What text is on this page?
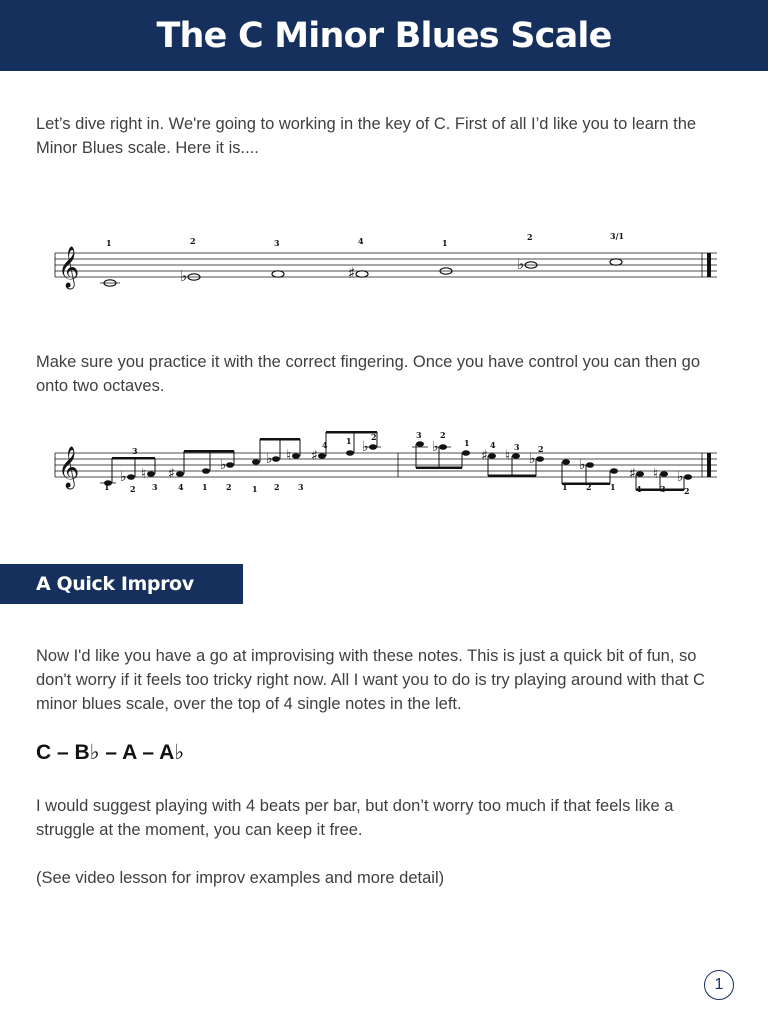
The C Minor Blues Scale

Let’s dive right in. We're going to working in the key of C. First of all I’d like you to learn the Minor Blues scale. Here it is....

𝄞	♭	♯	♭
1	2	3	4	1
2	3/1

Make sure you practice it with the correct fingering. Once you have control you can then go onto two octaves.

𝄞	3
♭ ♮ ♯
♭	♭ ♮ ♯
♭	♭
♯ ♮ ♭	♭
♯ ♮ ♭
1	2 3	4 1 2	1 2 3
4 1 2	3 2
1	4 3 2
1 2 1	4 3 2
A Quick Improv

Now I'd like you have a go at improvising with these notes. This is just a quick bit of fun, so don't worry if it feels too tricky right now. All I want you to do is try playing around with that C minor blues scale, over the top of 4 single notes in the left.

C – B♭ – A – A♭

I would suggest playing with 4 beats per bar, but don’t worry too much if that feels like a struggle at the moment, you can keep it free.

(See video lesson for improv examples and more detail)

1
